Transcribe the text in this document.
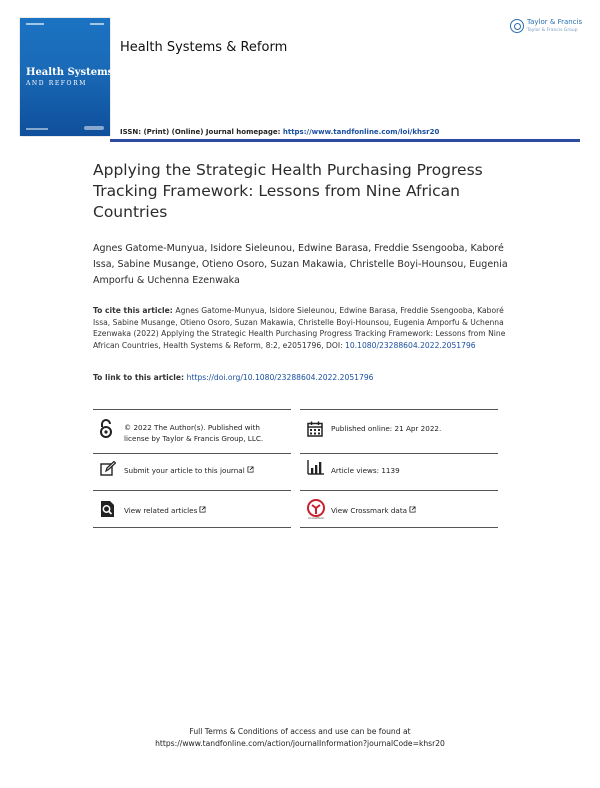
Health Systems
AND REFORM
Health Systems & Reform
Taylor & Francis
Taylor & Francis Group
ISSN: (Print) (Online) Journal homepage: https://www.tandfonline.com/loi/khsr20
Applying the Strategic Health Purchasing Progress Tracking Framework: Lessons from Nine African Countries
Agnes Gatome-Munyua, Isidore Sieleunou, Edwine Barasa, Freddie Ssengooba, Kaboré Issa, Sabine Musange, Otieno Osoro, Suzan Makawia, Christelle Boyi-Hounsou, Eugenia Amporfu & Uchenna Ezenwaka
To cite this article: Agnes Gatome-Munyua, Isidore Sieleunou, Edwine Barasa, Freddie Ssengooba, Kaboré Issa, Sabine Musange, Otieno Osoro, Suzan Makawia, Christelle Boyi-Hounsou, Eugenia Amporfu & Uchenna Ezenwaka (2022) Applying the Strategic Health Purchasing Progress Tracking Framework: Lessons from Nine African Countries, Health Systems & Reform, 8:2, e2051796, DOI: 10.1080/23288604.2022.2051796
To link to this article: https://doi.org/10.1080/23288604.2022.2051796
© 2022 The Author(s). Published with license by Taylor & Francis Group, LLC.
Published online: 21 Apr 2022.
Submit your article to this journal	Article views: 1139
View related articles
CrossMark
View Crossmark data
Full Terms & Conditions of access and use can be found at
https://www.tandfonline.com/action/journalInformation?journalCode=khsr20
